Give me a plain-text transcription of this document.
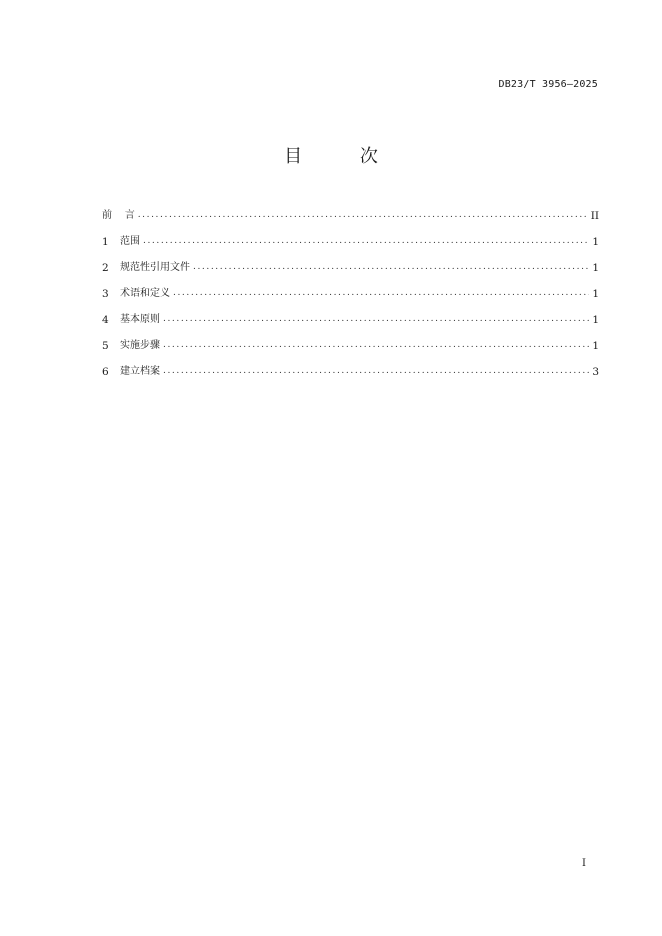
DB23/T 3956—2025
目 次
前    言 .....	II
1	范围 .....	1
2	规范性引用文件 .....	1
3	术语和定义 .....	1
4	基本原则 .....	1
5	实施步骤 .....	1
6	建立档案 .....	3
I
